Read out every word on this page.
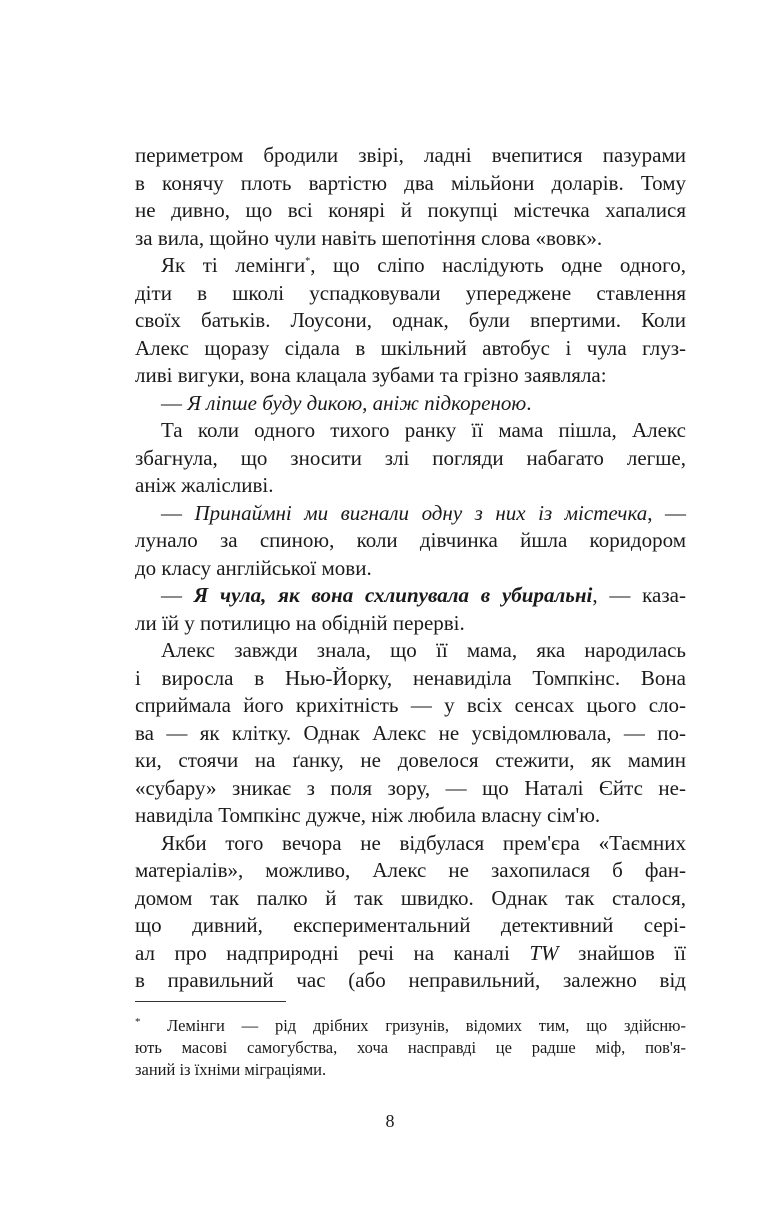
периметром бродили звірі, ладні вчепитися пазурами
в конячу плоть вартістю два мільйони доларів. Тому
не дивно, що всі конярі й покупці містечка хапалися
за вила, щойно чули навіть шепотіння слова «вовк».
Як ті лемінги*, що сліпо наслідують одне одного,
діти в школі успадковували упереджене ставлення
своїх батьків. Лоусони, однак, були впертими. Коли
Алекс щоразу сідала в шкільний автобус і чула глуз-
ливі вигуки, вона клацала зубами та грізно заявляла:
— Я ліпше буду дикою, аніж підкореною.
Та коли одного тихого ранку її мама пішла, Алекс
збагнула, що зносити злі погляди набагато легше,
аніж жалісливі.
— Принаймні ми вигнали одну з них із містечка, —
лунало за спиною, коли дівчинка йшла коридором
до класу англійської мови.
— Я чула, як вона схлипувала в убиральні, — каза-
ли їй у потилицю на обідній перерві.
Алекс завжди знала, що її мама, яка народилась
і виросла в Нью-Йорку, ненавиділа Томпкінс. Вона
сприймала його крихітність — у всіх сенсах цього сло-
ва — як клітку. Однак Алекс не усвідомлювала, — по-
ки, стоячи на ґанку, не довелося стежити, як мамин
«субару» зникає з поля зору, — що Наталі Єйтс не-
навиділа Томпкінс дужче, ніж любила власну сім'ю.
Якби того вечора не відбулася прем'єра «Таємних
матеріалів», можливо, Алекс не захопилася б фан-
домом так палко й так швидко. Однак так сталося,
що дивний, експериментальний детективний сері-
ал про надприродні речі на каналі TW знайшов її
в правильний час (або неправильний, залежно від
*	Лемінги — рід дрібних гризунів, відомих тим, що здійсню-
ють масові самогубства, хоча насправді це радше міф, пов'я-
заний із їхніми міграціями.
8
